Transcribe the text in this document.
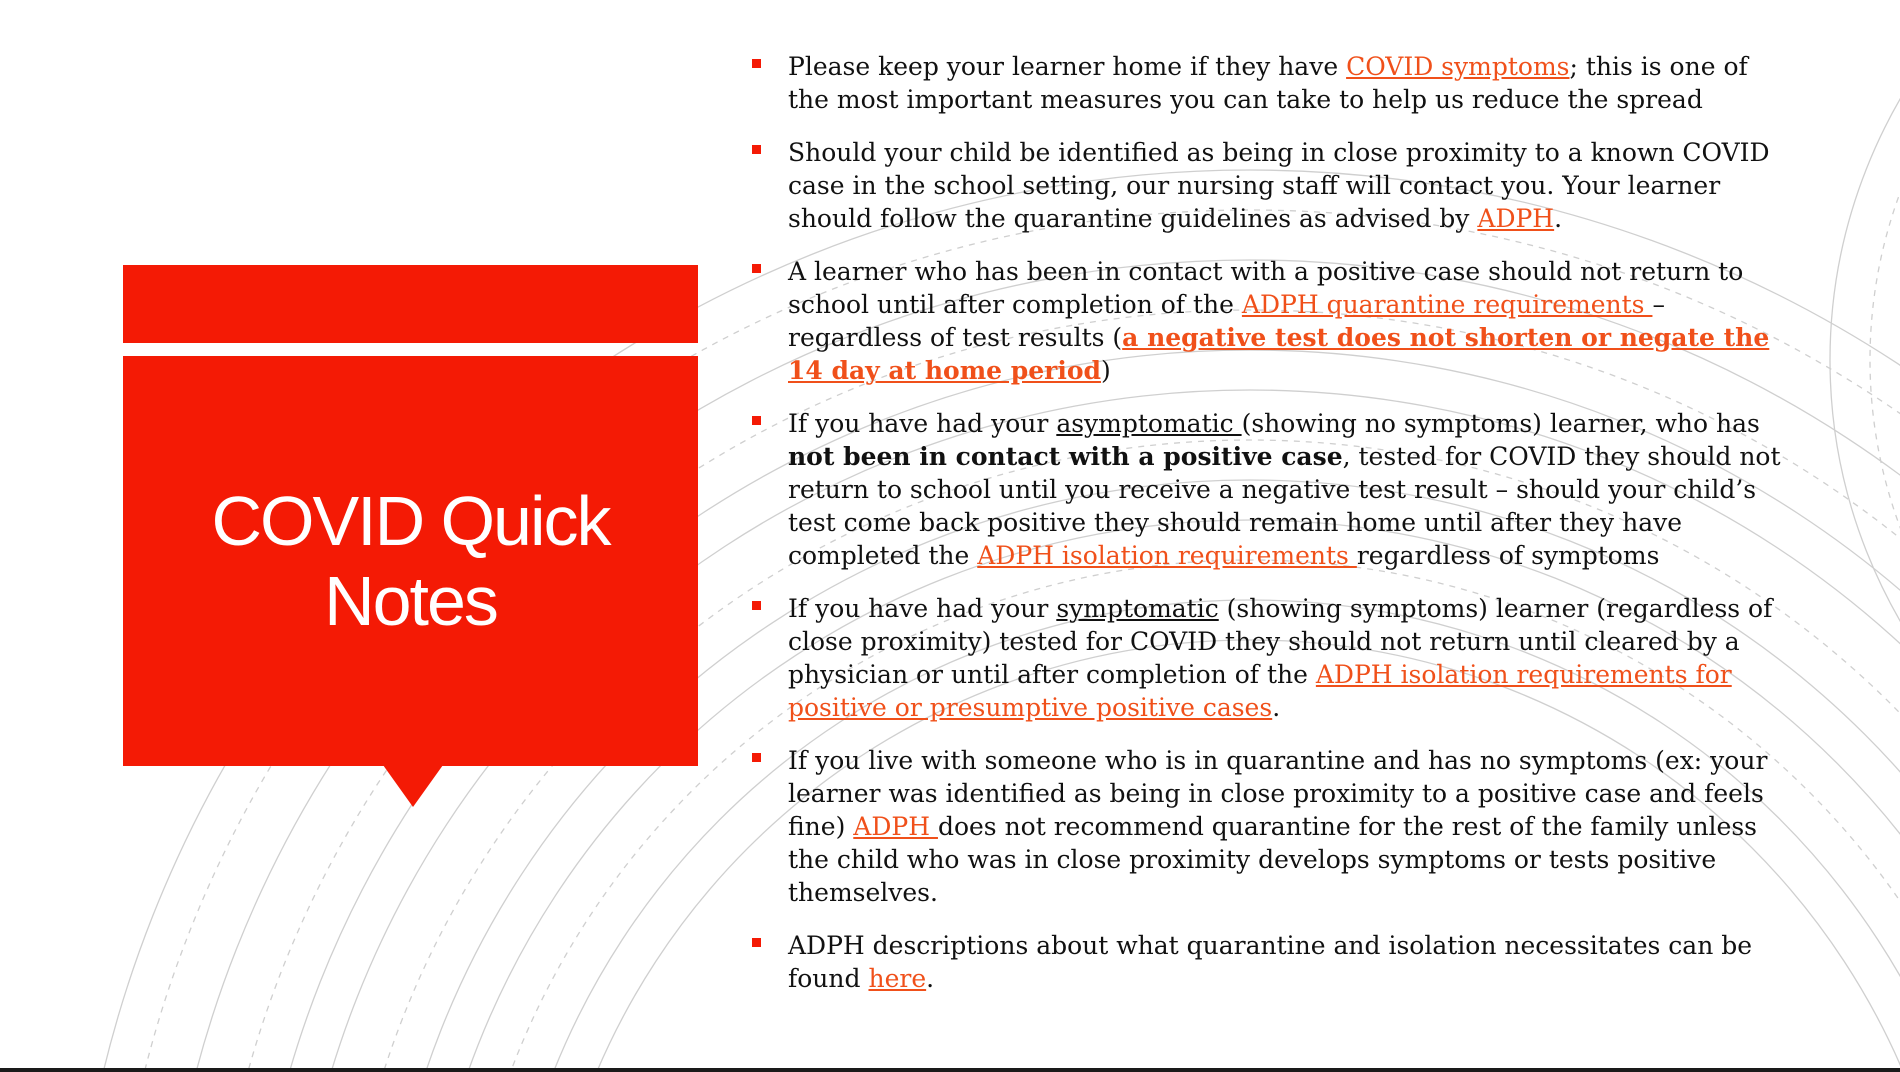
COVID Quick
Notes
Please keep your learner home if they have COVID symptoms; this is one of the most important measures you can take to help us reduce the spread
Should your child be identified as being in close proximity to a known COVID case in the school setting, our nursing staff will contact you. Your learner should follow the quarantine guidelines as advised by ADPH.
A learner who has been in contact with a positive case should not return to school until after completion of the ADPH quarantine requirements – regardless of test results (a negative test does not shorten or negate the 14 day at home period)
If you have had your asymptomatic (showing no symptoms) learner, who has not been in contact with a positive case, tested for COVID they should not return to school until you receive a negative test result – should your child’s test come back positive they should remain home until after they have completed the ADPH isolation requirements regardless of symptoms
If you have had your symptomatic (showing symptoms) learner (regardless of close proximity) tested for COVID they should not return until cleared by a physician or until after completion of the ADPH isolation requirements for positive or presumptive positive cases.
If you live with someone who is in quarantine and has no symptoms (ex: your learner was identified as being in close proximity to a positive case and feels fine) ADPH does not recommend quarantine for the rest of the family unless the child who was in close proximity develops symptoms or tests positive themselves.
ADPH descriptions about what quarantine and isolation necessitates can be found here.
